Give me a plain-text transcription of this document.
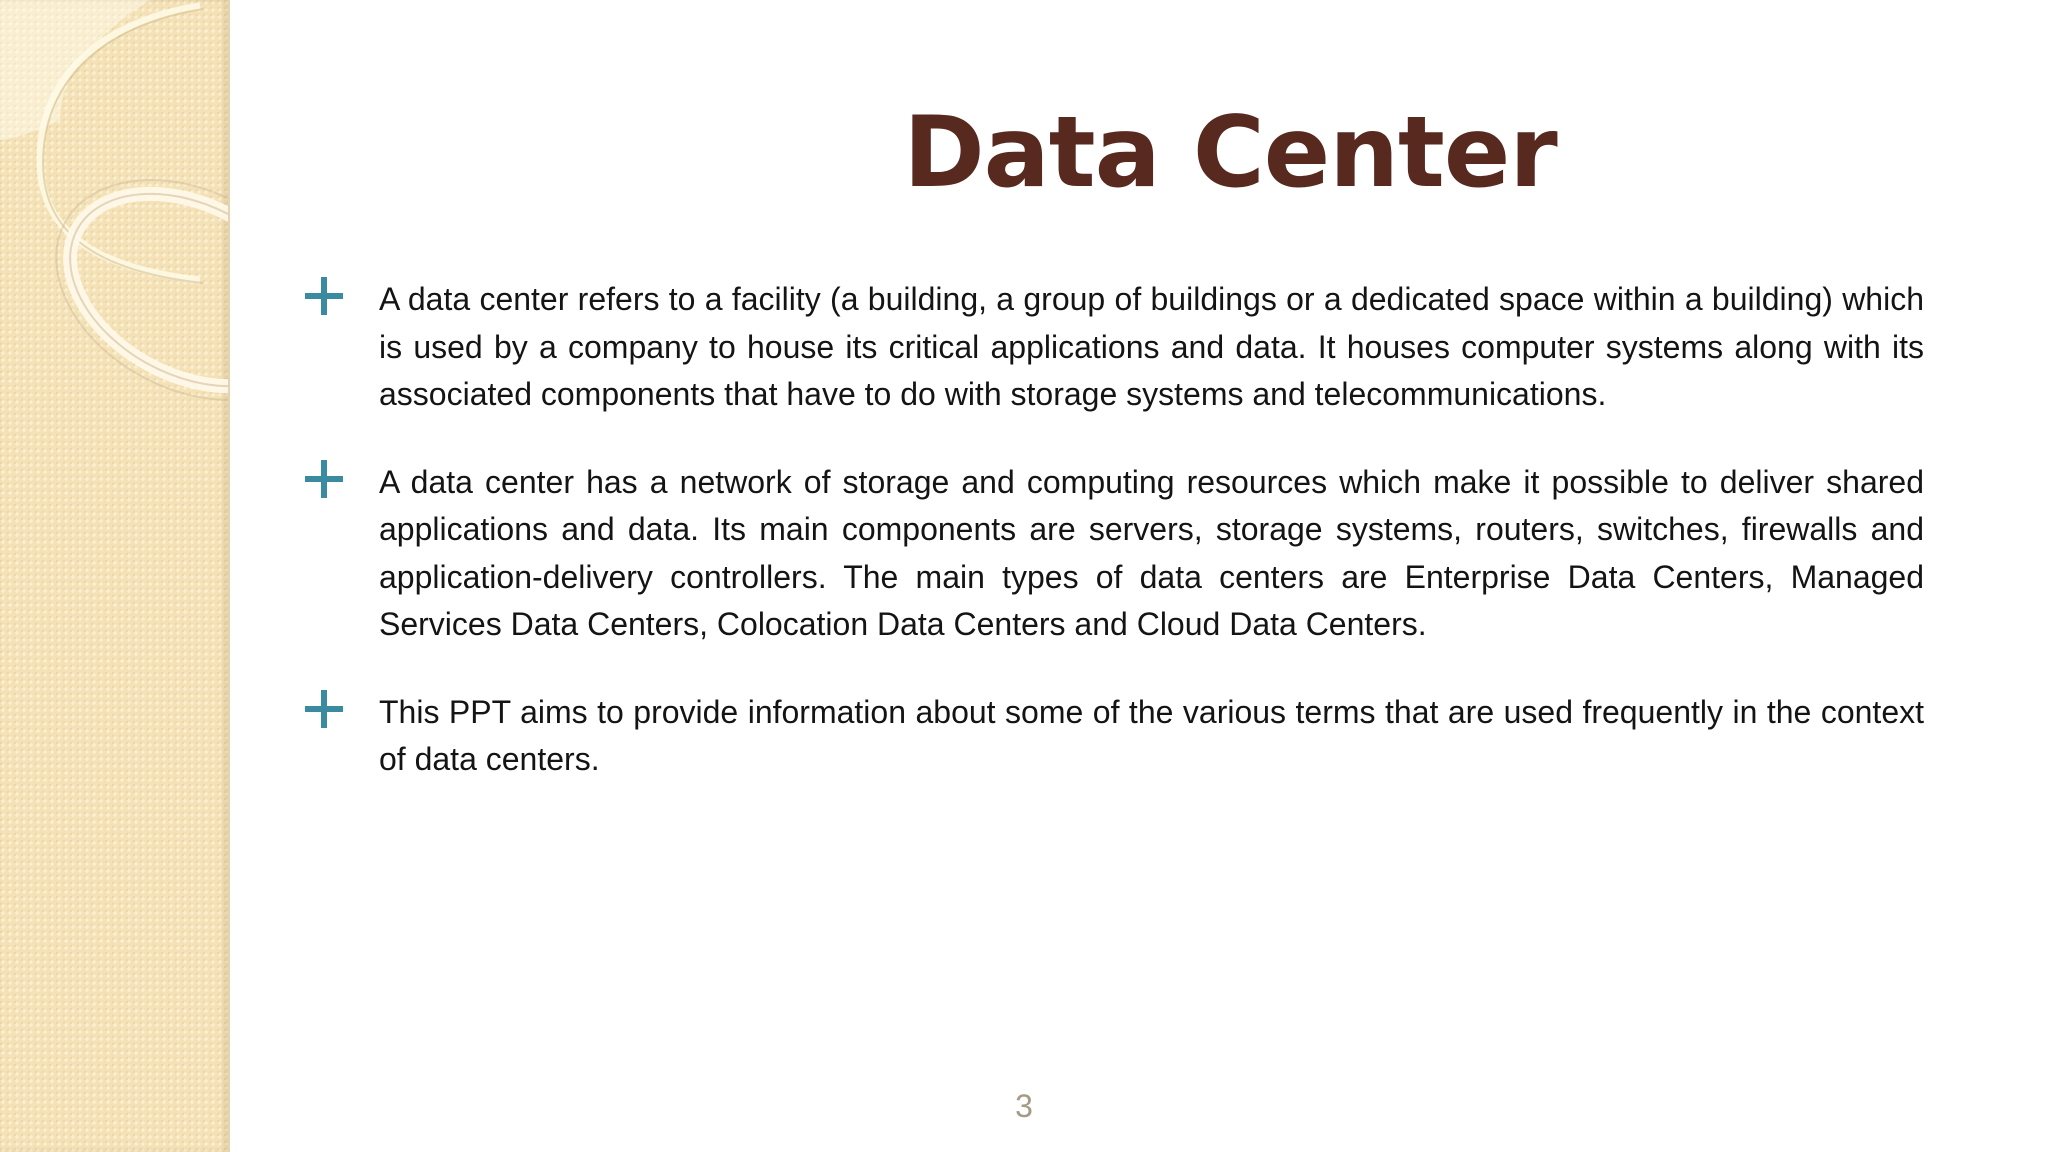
Data Center
A data center refers to a facility (a building, a group of buildings or a dedicated space within a building) which is used by a company to house its critical applications and data. It houses computer systems along with its associated components that have to do with storage systems and telecommunications.
A data center has a network of storage and computing resources which make it possible to deliver shared applications and data. Its main components are servers, storage systems, routers, switches, firewalls and application-delivery controllers. The main types of data centers are Enterprise Data Centers, Managed Services Data Centers, Colocation Data Centers and Cloud Data Centers.
This PPT aims to provide information about some of the various terms that are used frequently in the context of data centers.
3
